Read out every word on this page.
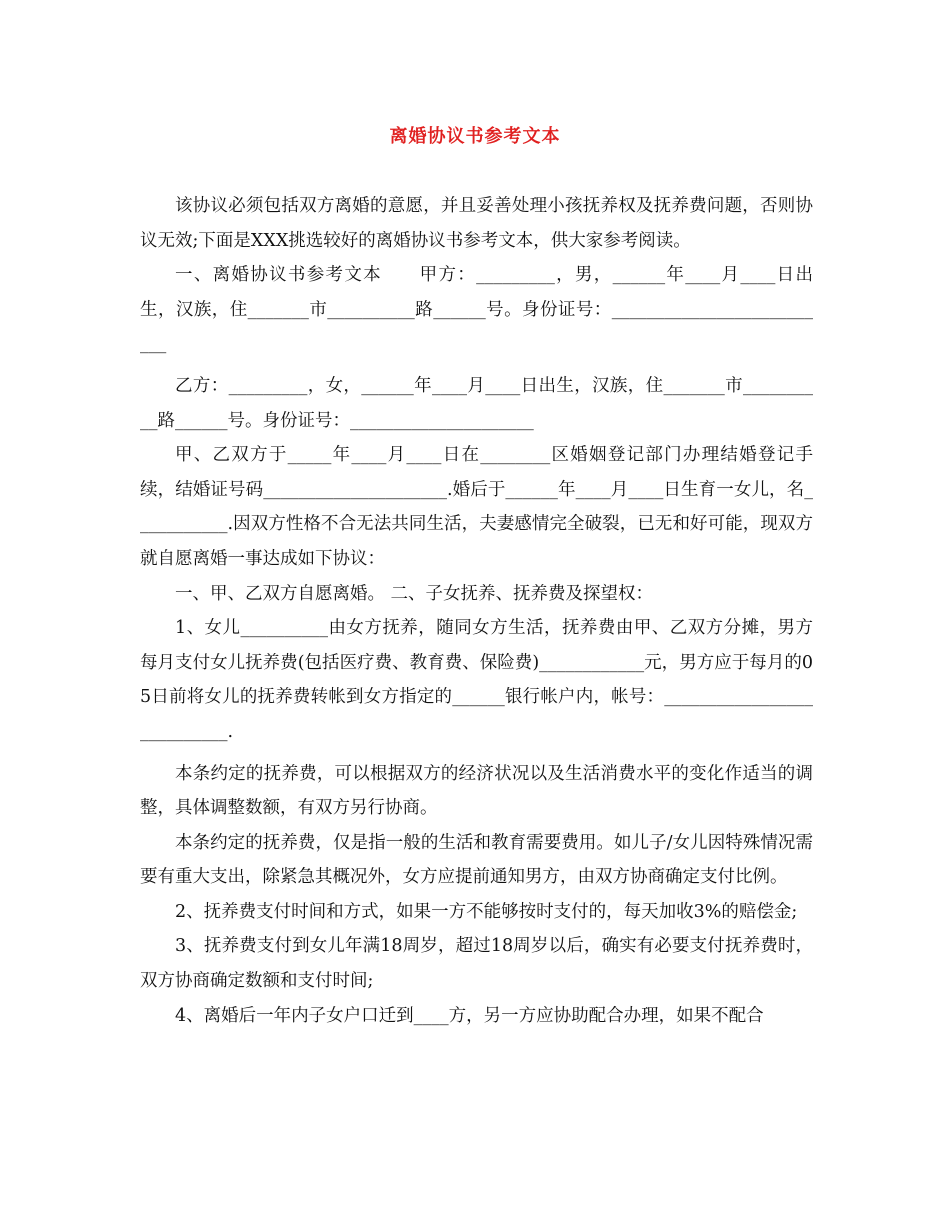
离婚协议书参考文本

该协议必须包括双方离婚的意愿，并且妥善处理小孩抚养权及抚养费问题，否则协议无效;下面是XXX挑选较好的离婚协议书参考文本，供大家参考阅读。

一、离婚协议书参考文本　　甲方：_________，男，______年____月____日出生，汉族，住_______市__________路______号。身份证号：__________________________

乙方：_________，女，______年____月____日出生，汉族，住_______市__________路______号。身份证号：_____________________

甲、乙双方于_____年____月____日在________区婚姻登记部门办理结婚登记手续，结婚证号码_____________________.婚后于______年____月____日生育一女儿，名___________.因双方性格不合无法共同生活，夫妻感情完全破裂，已无和好可能，现双方就自愿离婚一事达成如下协议：

一、甲、乙双方自愿离婚。 二、子女抚养、抚养费及探望权：

1、女儿__________由女方抚养，随同女方生活，抚养费由甲、乙双方分摊，男方每月支付女儿抚养费(包括医疗费、教育费、保险费)____________元，男方应于每月的05日前将女儿的抚养费转帐到女方指定的______银行帐户内，帐号：___________________________.

本条约定的抚养费，可以根据双方的经济状况以及生活消费水平的变化作适当的调整，具体调整数额，有双方另行协商。

本条约定的抚养费，仅是指一般的生活和教育需要费用。如儿子/女儿因特殊情况需要有重大支出，除紧急其概况外，女方应提前通知男方，由双方协商确定支付比例。

2、抚养费支付时间和方式，如果一方不能够按时支付的，每天加收3%的赔偿金;

3、抚养费支付到女儿年满18周岁，超过18周岁以后，确实有必要支付抚养费时，双方协商确定数额和支付时间;

4、离婚后一年内子女户口迁到____方，另一方应协助配合办理，如果不配合
